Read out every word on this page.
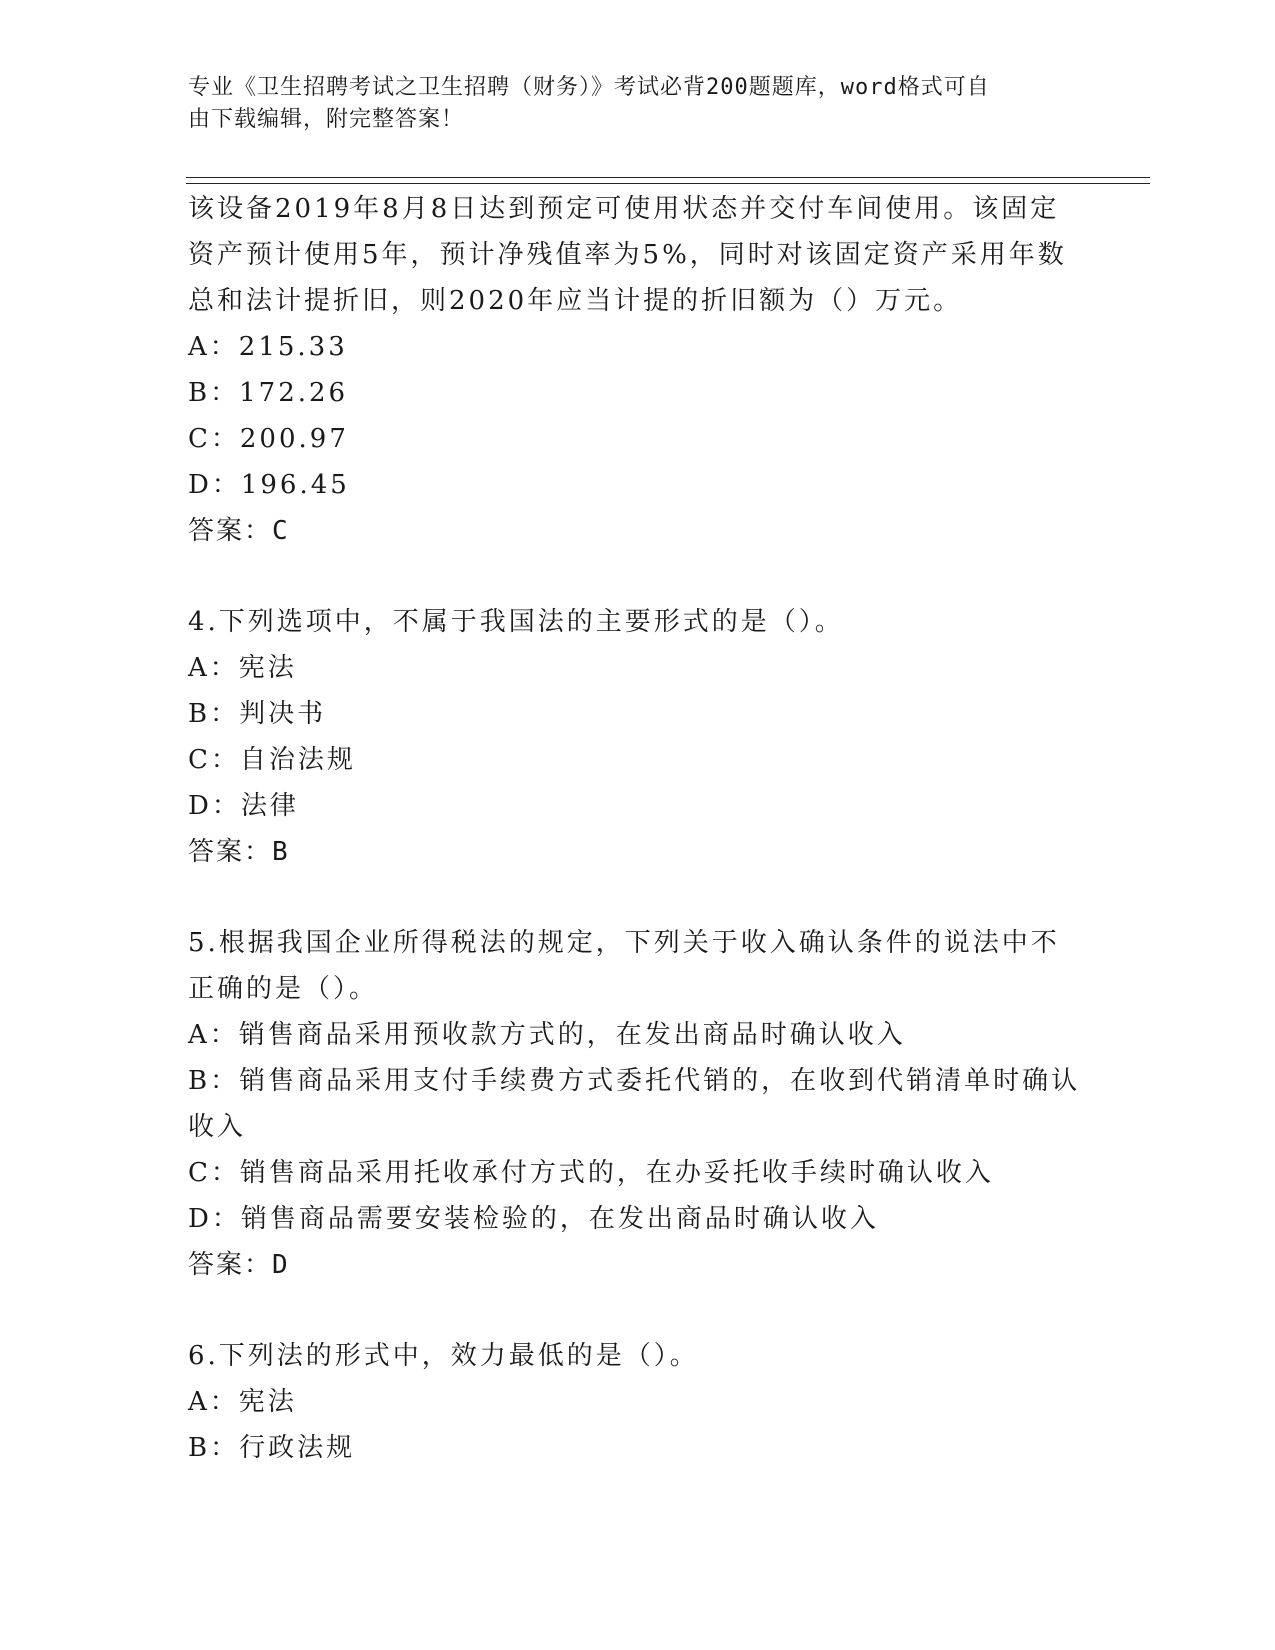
专业《卫生招聘考试之卫生招聘（财务）》考试必背200题题库，word格式可自
由下载编辑，附完整答案！
该设备2019年8月8日达到预定可使用状态并交付车间使用。该固定
资产预计使用5年，预计净残值率为5%，同时对该固定资产采用年数
总和法计提折旧，则2020年应当计提的折旧额为（）万元。
A：215.33
B：172.26
C：200.97
D：196.45
答案：C
4.下列选项中，不属于我国法的主要形式的是（）。
A：宪法
B：判决书
C：自治法规
D：法律
答案：B
5.根据我国企业所得税法的规定，下列关于收入确认条件的说法中不
正确的是（）。
A：销售商品采用预收款方式的，在发出商品时确认收入
B：销售商品采用支付手续费方式委托代销的，在收到代销清单时确认
收入
C：销售商品采用托收承付方式的，在办妥托收手续时确认收入
D：销售商品需要安装检验的，在发出商品时确认收入
答案：D
6.下列法的形式中，效力最低的是（）。
A：宪法
B：行政法规
